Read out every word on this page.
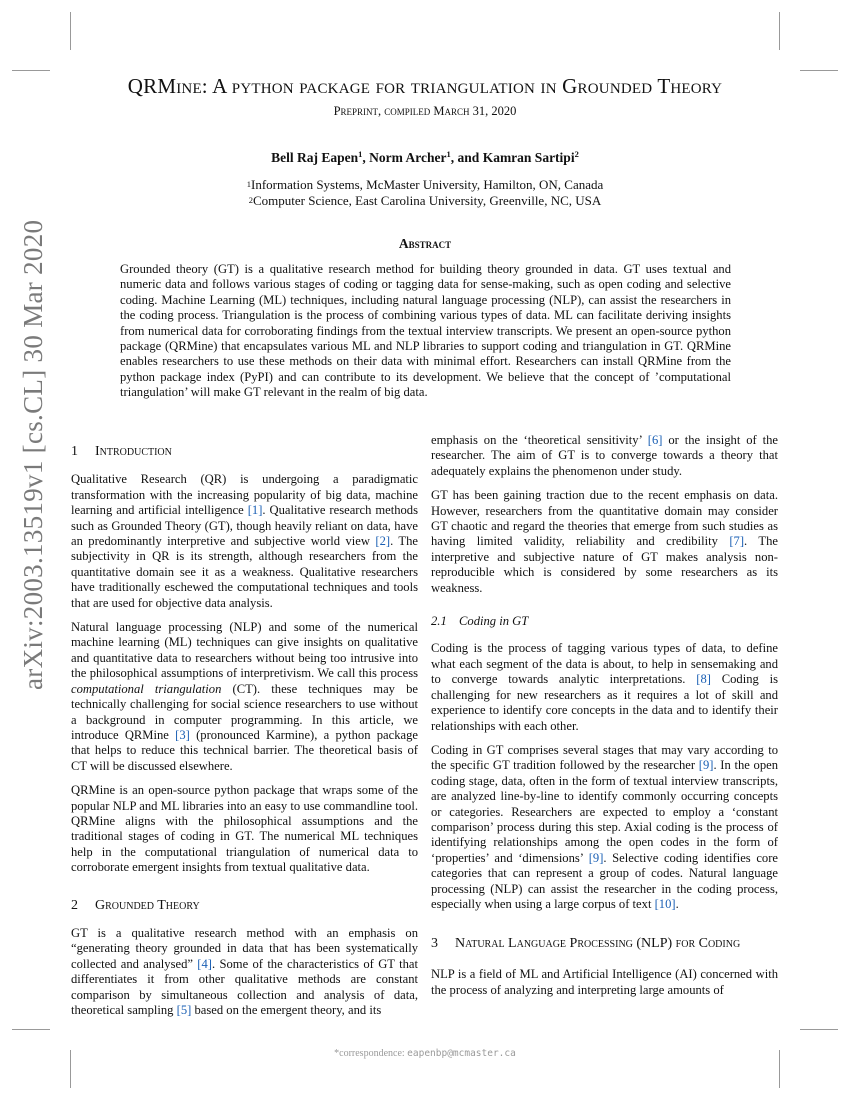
arXiv:2003.13519v1 [cs.CL] 30 Mar 2020
QRMine: A python package for triangulation in Grounded Theory
Preprint, compiled March 31, 2020
Bell Raj Eapen$^1$, Norm Archer$^1$, and Kamran Sartipi$^2$
$^1$Information Systems, McMaster University, Hamilton, ON, Canada
$^2$Computer Science, East Carolina University, Greenville, NC, USA
Abstract

Grounded theory (GT) is a qualitative research method for building theory grounded in data. GT uses textual and numeric data and follows various stages of coding or tagging data for sense-making, such as open coding and selective coding. Machine Learning (ML) techniques, including natural language processing (NLP), can assist the researchers in the coding process. Triangulation is the process of combining various types of data. ML can facilitate deriving insights from numerical data for corroborating findings from the textual interview transcripts. We present an open-source python package (QRMine) that encapsulates various ML and NLP libraries to support coding and triangulation in GT. QRMine enables researchers to use these methods on their data with minimal effort. Researchers can install QRMine from the python package index (PyPI) and can contribute to its development. We believe that the concept of ’computational triangulation’ will make GT relevant in the realm of big data.

1	Introduction

Qualitative Research (QR) is undergoing a paradigmatic transformation with the increasing popularity of big data, machine learning and artificial intelligence [1]. Qualitative research methods such as Grounded Theory (GT), though heavily reliant on data, have an predominantly interpretive and subjective world view [2]. The subjectivity in QR is its strength, although researchers from the quantitative domain see it as a weakness. Qualitative researchers have traditionally eschewed the computational techniques and tools that are used for objective data analysis.

Natural language processing (NLP) and some of the numerical machine learning (ML) techniques can give insights on qualitative and quantitative data to researchers without being too intrusive into the philosophical assumptions of interpretivism. We call this process computational triangulation (CT). these techniques may be technically challenging for social science researchers to use without a background in computer programming. In this article, we introduce QRMine [3] (pronounced Karmine), a python package that helps to reduce this technical barrier. The theoretical basis of CT will be discussed elsewhere.

QRMine is an open-source python package that wraps some of the popular NLP and ML libraries into an easy to use commandline tool. QRMine aligns with the philosophical assumptions and the traditional stages of coding in GT. The numerical ML techniques help in the computational triangulation of numerical data to corroborate emergent insights from textual qualitative data.

2	Grounded Theory

GT is a qualitative research method with an emphasis on “generating theory grounded in data that has been systematically collected and analysed” [4]. Some of the characteristics of GT that differentiates it from other qualitative methods are constant comparison by simultaneous collection and analysis of data, theoretical sampling [5] based on the emergent theory, and its

emphasis on the ‘theoretical sensitivity’ [6] or the insight of the researcher. The aim of GT is to converge towards a theory that adequately explains the phenomenon under study.

GT has been gaining traction due to the recent emphasis on data. However, researchers from the quantitative domain may consider GT chaotic and regard the theories that emerge from such studies as having limited validity, reliability and credibility [7]. The interpretive and subjective nature of GT makes analysis non-reproducible which is considered by some researchers as its weakness.

2.1 Coding in GT

Coding is the process of tagging various types of data, to define what each segment of the data is about, to help in sensemaking and to converge towards analytic interpretations. [8] Coding is challenging for new researchers as it requires a lot of skill and experience to identify core concepts in the data and to identify their relationships with each other.

Coding in GT comprises several stages that may vary according to the specific GT tradition followed by the researcher [9]. In the open coding stage, data, often in the form of textual interview transcripts, are analyzed line-by-line to identify commonly occurring concepts or categories. Researchers are expected to employ a ‘constant comparison’ process during this step. Axial coding is the process of identifying relationships among the open codes in the form of ‘properties’ and ‘dimensions’ [9]. Selective coding identifies core categories that can represent a group of codes. Natural language processing (NLP) can assist the researcher in the coding process, especially when using a large corpus of text [10].

3	Natural Language Processing (NLP) for Coding

NLP is a field of ML and Artificial Intelligence (AI) concerned with the process of analyzing and interpreting large amounts of

*correspondence: eapenbp@mcmaster.ca
